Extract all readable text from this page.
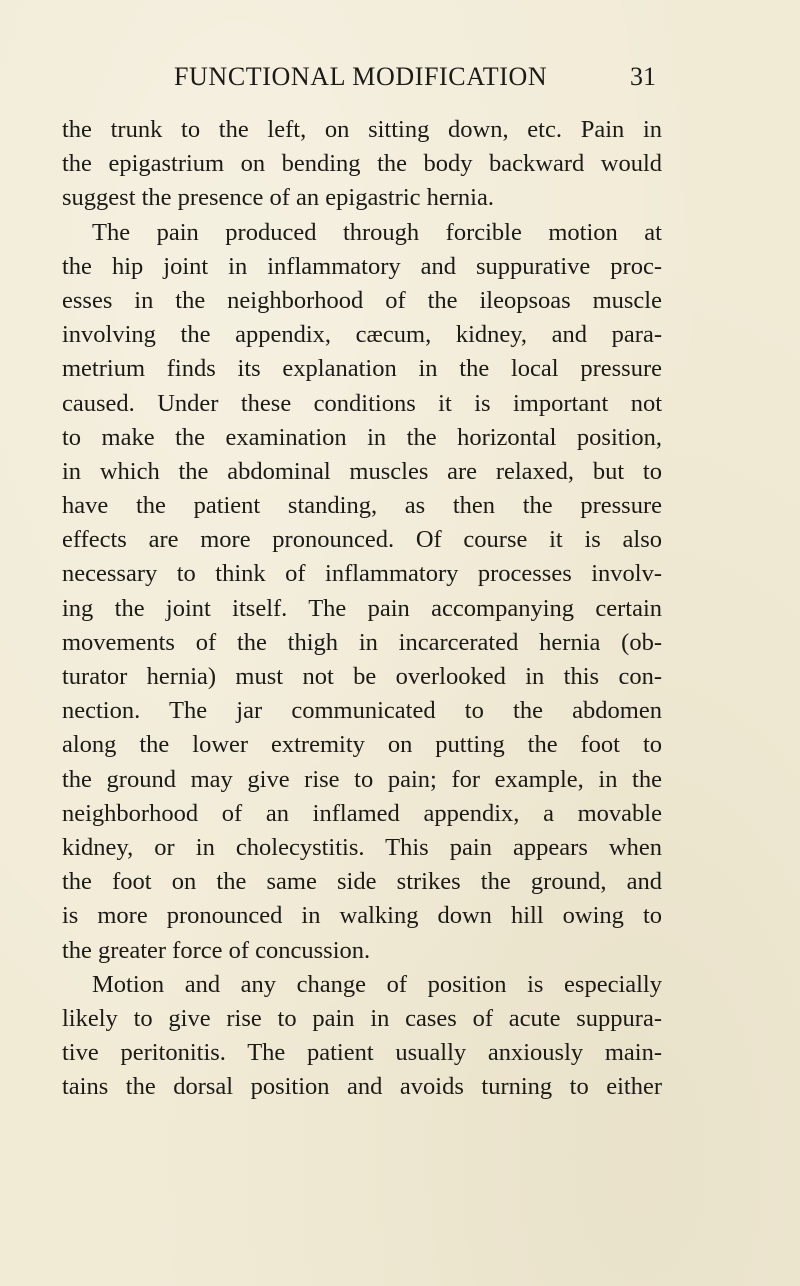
FUNCTIONAL MODIFICATION	31
the trunk to the left, on sitting down, etc. Pain in
the epigastrium on bending the body backward would
suggest the presence of an epigastric hernia.
The pain produced through forcible motion at
the hip joint in inflammatory and suppurative proc-
esses in the neighborhood of the ileopsoas muscle
involving the appendix, cæcum, kidney, and para-
metrium finds its explanation in the local pressure
caused. Under these conditions it is important not
to make the examination in the horizontal position,
in which the abdominal muscles are relaxed, but to
have the patient standing, as then the pressure
effects are more pronounced. Of course it is also
necessary to think of inflammatory processes involv-
ing the joint itself. The pain accompanying certain
movements of the thigh in incarcerated hernia (ob-
turator hernia) must not be overlooked in this con-
nection. The jar communicated to the abdomen
along the lower extremity on putting the foot to
the ground may give rise to pain; for example, in the
neighborhood of an inflamed appendix, a movable
kidney, or in cholecystitis. This pain appears when
the foot on the same side strikes the ground, and
is more pronounced in walking down hill owing to
the greater force of concussion.
Motion and any change of position is especially
likely to give rise to pain in cases of acute suppura-
tive peritonitis. The patient usually anxiously main-
tains the dorsal position and avoids turning to either
